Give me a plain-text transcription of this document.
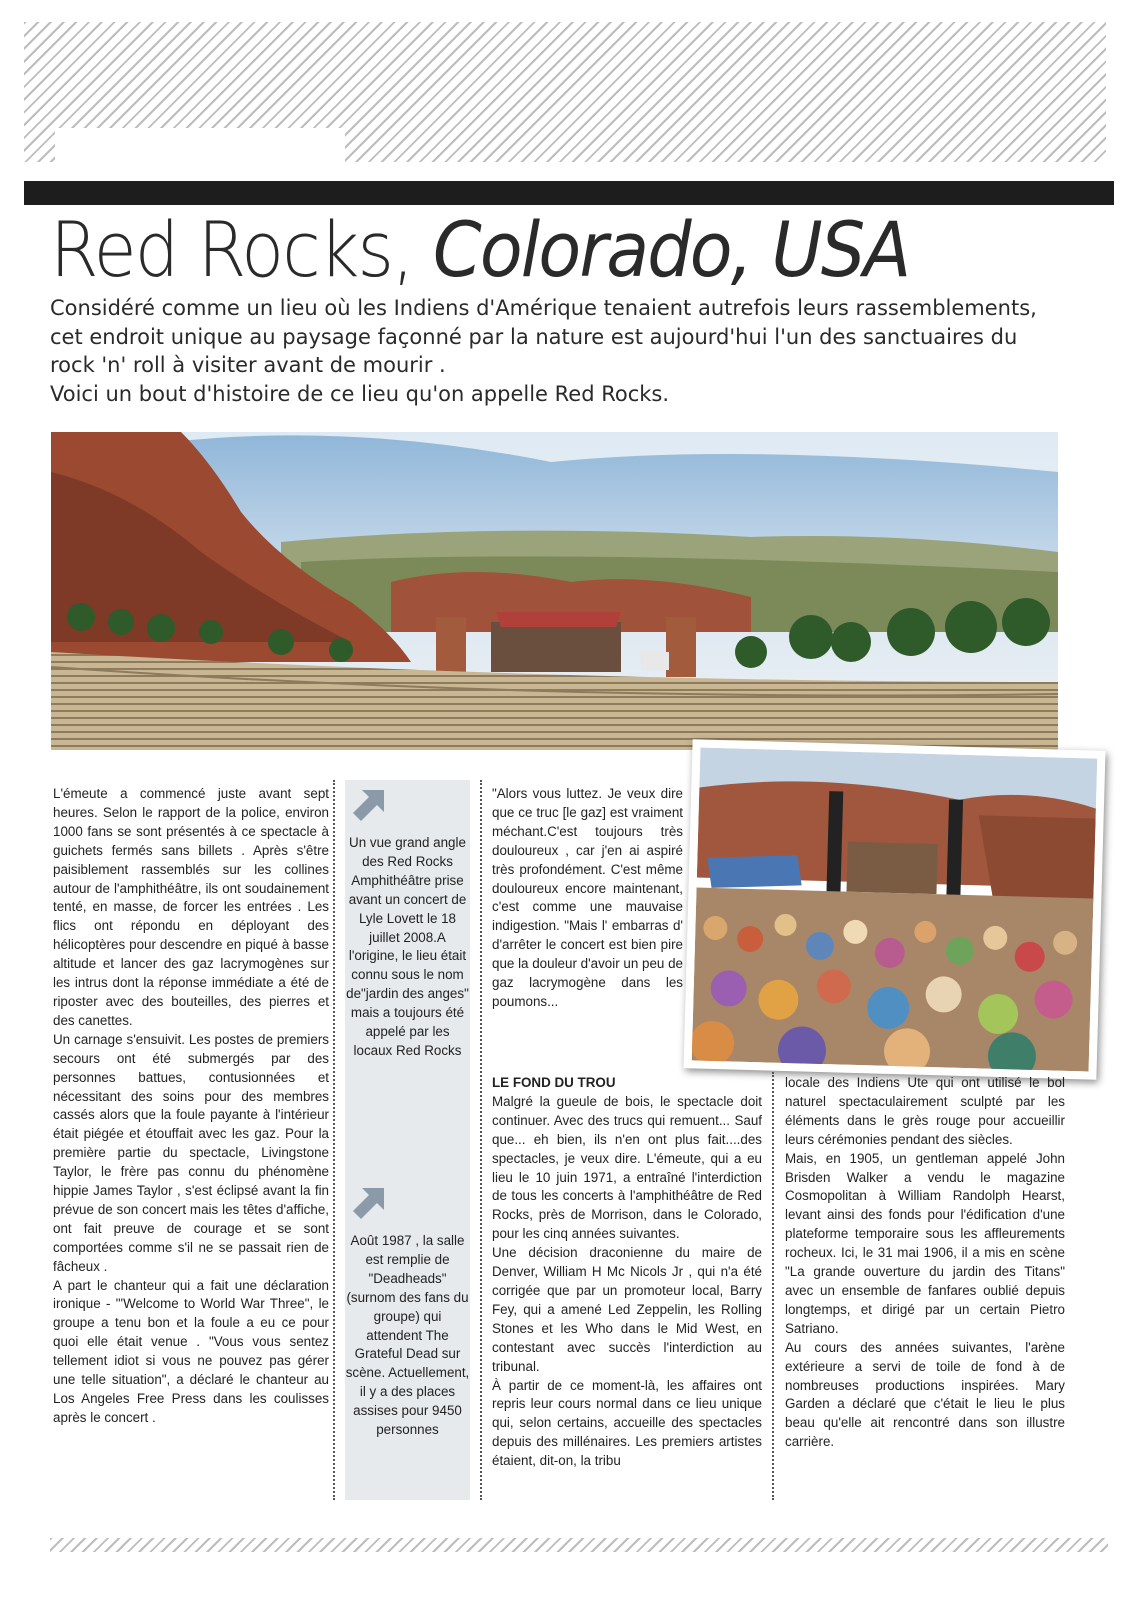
Red Rocks, Colorado, USA

Considéré comme un lieu où les Indiens d'Amérique tenaient autrefois leurs rassemblements, cet endroit unique au paysage façonné par la nature est aujourd'hui l'un des sanctuaires du rock 'n' roll à visiter avant de mourir .

Voici un bout d'histoire de ce lieu qu'on appelle Red Rocks.

L'émeute a commencé juste avant sept heures. Selon le rapport de la police, environ 1000 fans se sont présentés à ce spectacle à guichets fermés sans billets . Après s'être paisiblement rassemblés sur les collines autour de l'amphithéâtre, ils ont soudainement tenté, en masse, de forcer les entrées . Les flics ont répondu en déployant des hélicoptères pour descendre en piqué à basse altitude et lancer des gaz lacrymogènes sur les intrus dont la réponse immédiate a été de riposter avec des bouteilles, des pierres et des canettes.

Un carnage s'ensuivit. Les postes de premiers secours ont été submergés par des personnes battues, contusionnées et nécessitant des soins pour des membres cassés alors que la foule payante à l'intérieur était piégée et étouffait avec les gaz. Pour la première partie du spectacle, Livingstone Taylor, le frère pas connu du phénomène hippie James Taylor , s'est éclipsé avant la fin prévue de son concert mais les têtes d'affiche, ont fait preuve de courage et se sont comportées comme s'il ne se passait rien de fâcheux .

A part le chanteur qui a fait une déclaration ironique - "'Welcome to World War Three", le groupe a tenu bon et la foule a eu ce pour quoi elle était venue . "Vous vous sentez tellement idiot si vous ne pouvez pas gérer une telle situation", a déclaré le chanteur au Los Angeles Free Press dans les coulisses après le concert .

Un vue grand angle des Red Rocks Amphithéâtre prise avant un concert de Lyle Lovett le 18 juillet 2008.A l'origine, le lieu était connu sous le nom de"jardin des anges" mais a toujours été appelé par les locaux Red Rocks
Août 1987 , la salle est remplie de "Deadheads"(surnom des fans du groupe) qui attendent The Grateful Dead sur scène. Actuellement, il y a des places assises pour 9450 personnes

"Alors vous luttez. Je veux dire que ce truc [le gaz] est vraiment méchant.C'est toujours très douloureux , car j'en ai aspiré très profondément. C'est même douloureux encore maintenant, c'est comme une mauvaise indigestion. "Mais l' embarras d' d'arrêter le concert est bien pire que la douleur d'avoir un peu de gaz lacrymogène dans les poumons...

LE FOND DU TROU

Malgré la gueule de bois, le spectacle doit continuer. Avec des trucs qui remuent... Sauf que... eh bien, ils n'en ont plus fait....des spectacles, je veux dire. L'émeute, qui a eu lieu le 10 juin 1971, a entraîné l'interdiction de tous les concerts à l'amphithéâtre de Red Rocks, près de Morrison, dans le Colorado, pour les cinq années suivantes.

Une décision draconienne du maire de Denver, William H Mc Nicols Jr , qui n'a été corrigée que par un promoteur local, Barry Fey, qui a amené Led Zeppelin, les Rolling Stones et les Who dans le Mid West, en contestant avec succès l'interdiction au tribunal.

À partir de ce moment-là, les affaires ont repris leur cours normal dans ce lieu unique qui, selon certains, accueille des spectacles depuis des millénaires. Les premiers artistes étaient, dit-on, la tribu

locale des Indiens Ute qui ont utilisé le bol naturel spectaculairement sculpté par les éléments dans le grès rouge pour accueillir leurs cérémonies pendant des siècles.

Mais, en 1905, un gentleman appelé John Brisden Walker a vendu le magazine Cosmopolitan à William Randolph Hearst, levant ainsi des fonds pour l'édification d'une plateforme temporaire sous les affleurements rocheux. Ici, le 31 mai 1906, il a mis en scène "La grande ouverture du jardin des Titans" avec un ensemble de fanfares oublié depuis longtemps, et dirigé par un certain Pietro Satriano.

Au cours des années suivantes, l'arène extérieure a servi de toile de fond à de nombreuses productions inspirées. Mary Garden a déclaré que c'était le lieu le plus beau qu'elle ait rencontré dans son illustre carrière.
